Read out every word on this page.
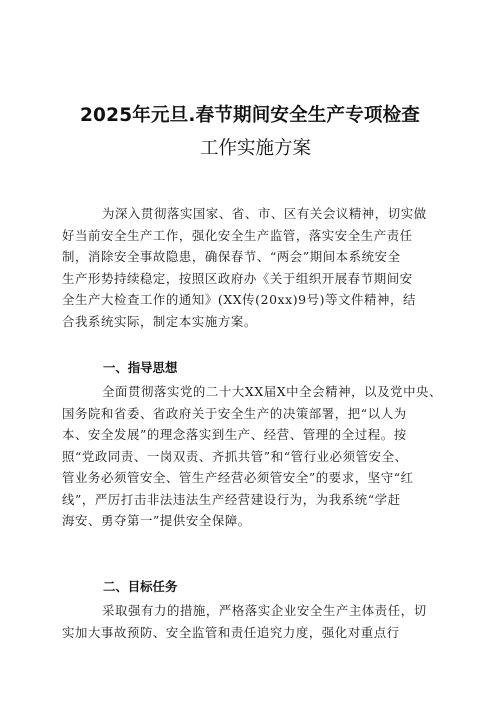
2025年元旦.春节期间安全生产专项检查
工作实施方案
为深入贯彻落实国家、省、市、区有关会议精神，切实做
好当前安全生产工作，强化安全生产监管，落实安全生产责任
制，消除安全事故隐患，确保春节、“两会”期间本系统安全
生产形势持续稳定，按照区政府办《关于组织开展春节期间安
全生产大检查工作的通知》(XX传(20xx)9号)等文件精神，结
合我系统实际，制定本实施方案。
一、指导思想
全面贯彻落实党的二十大XX届X中全会精神，以及党中央、
国务院和省委、省政府关于安全生产的决策部署，把“以人为
本、安全发展”的理念落实到生产、经营、管理的全过程。按
照“党政同责、一岗双责、齐抓共管”和“管行业必须管安全、
管业务必须管安全、管生产经营必须管安全”的要求，坚守“红
线”，严厉打击非法违法生产经营建设行为，为我系统“学赶
海安、勇夺第一”提供安全保障。
二、目标任务
采取强有力的措施，严格落实企业安全生产主体责任，切
实加大事故预防、安全监管和责任追究力度，强化对重点行
